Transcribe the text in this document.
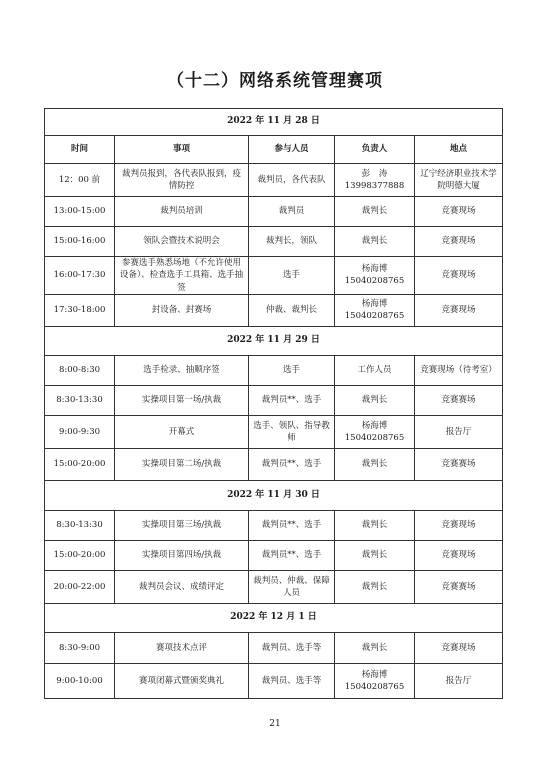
（十二）网络系统管理赛项
2022 年 11 月 28 日				
时间	事项	参与人员	负责人	地点
12：00 前	裁判员报到，各代表队报到，疫情防控	裁判员，各代表队	彭　涛 13998377888	辽宁经济职业技术学院明德大厦
13:00-15:00	裁判员培训	裁判员	裁判长	竞赛现场
15:00-16:00	领队会暨技术说明会	裁判长，领队	裁判长	竞赛现场
16:00-17:30	参赛选手熟悉场地（不允许使用设备）、检查选手工具箱、选手抽签	选手	杨海博 15040208765	竞赛现场
17:30-18:00	封设备、封赛场	仲裁、裁判长	杨海博 15040208765	竞赛现场
2022 年 11 月 29 日				
8:00-8:30	选手检录、抽顺序签	选手	工作人员	竞赛现场（待考室）
8:30-13:30	实操项目第一场/执裁	裁判员**、选手	裁判长	竞赛赛场
9:00-9:30	开幕式	选手、领队、指导教师	杨海博 15040208765	报告厅
15:00-20:00	实操项目第二场/执裁	裁判员**、选手	裁判长	竞赛赛场
2022 年 11 月 30 日				
8:30-13:30	实操项目第三场/执裁	裁判员**、选手	裁判长	竞赛现场
15:00-20:00	实操项目第四场/执裁	裁判员**、选手	裁判长	竞赛现场
20:00-22:00	裁判员会议、成绩评定	裁判员、仲裁、保障人员	裁判长	竞赛赛场
2022 年 12 月 1 日				
8:30-9:00	赛项技术点评	裁判员、选手等	裁判长	竞赛现场
9:00-10:00	赛项闭幕式暨颁奖典礼	裁判员、选手等	杨海博 15040208765	报告厅
21
